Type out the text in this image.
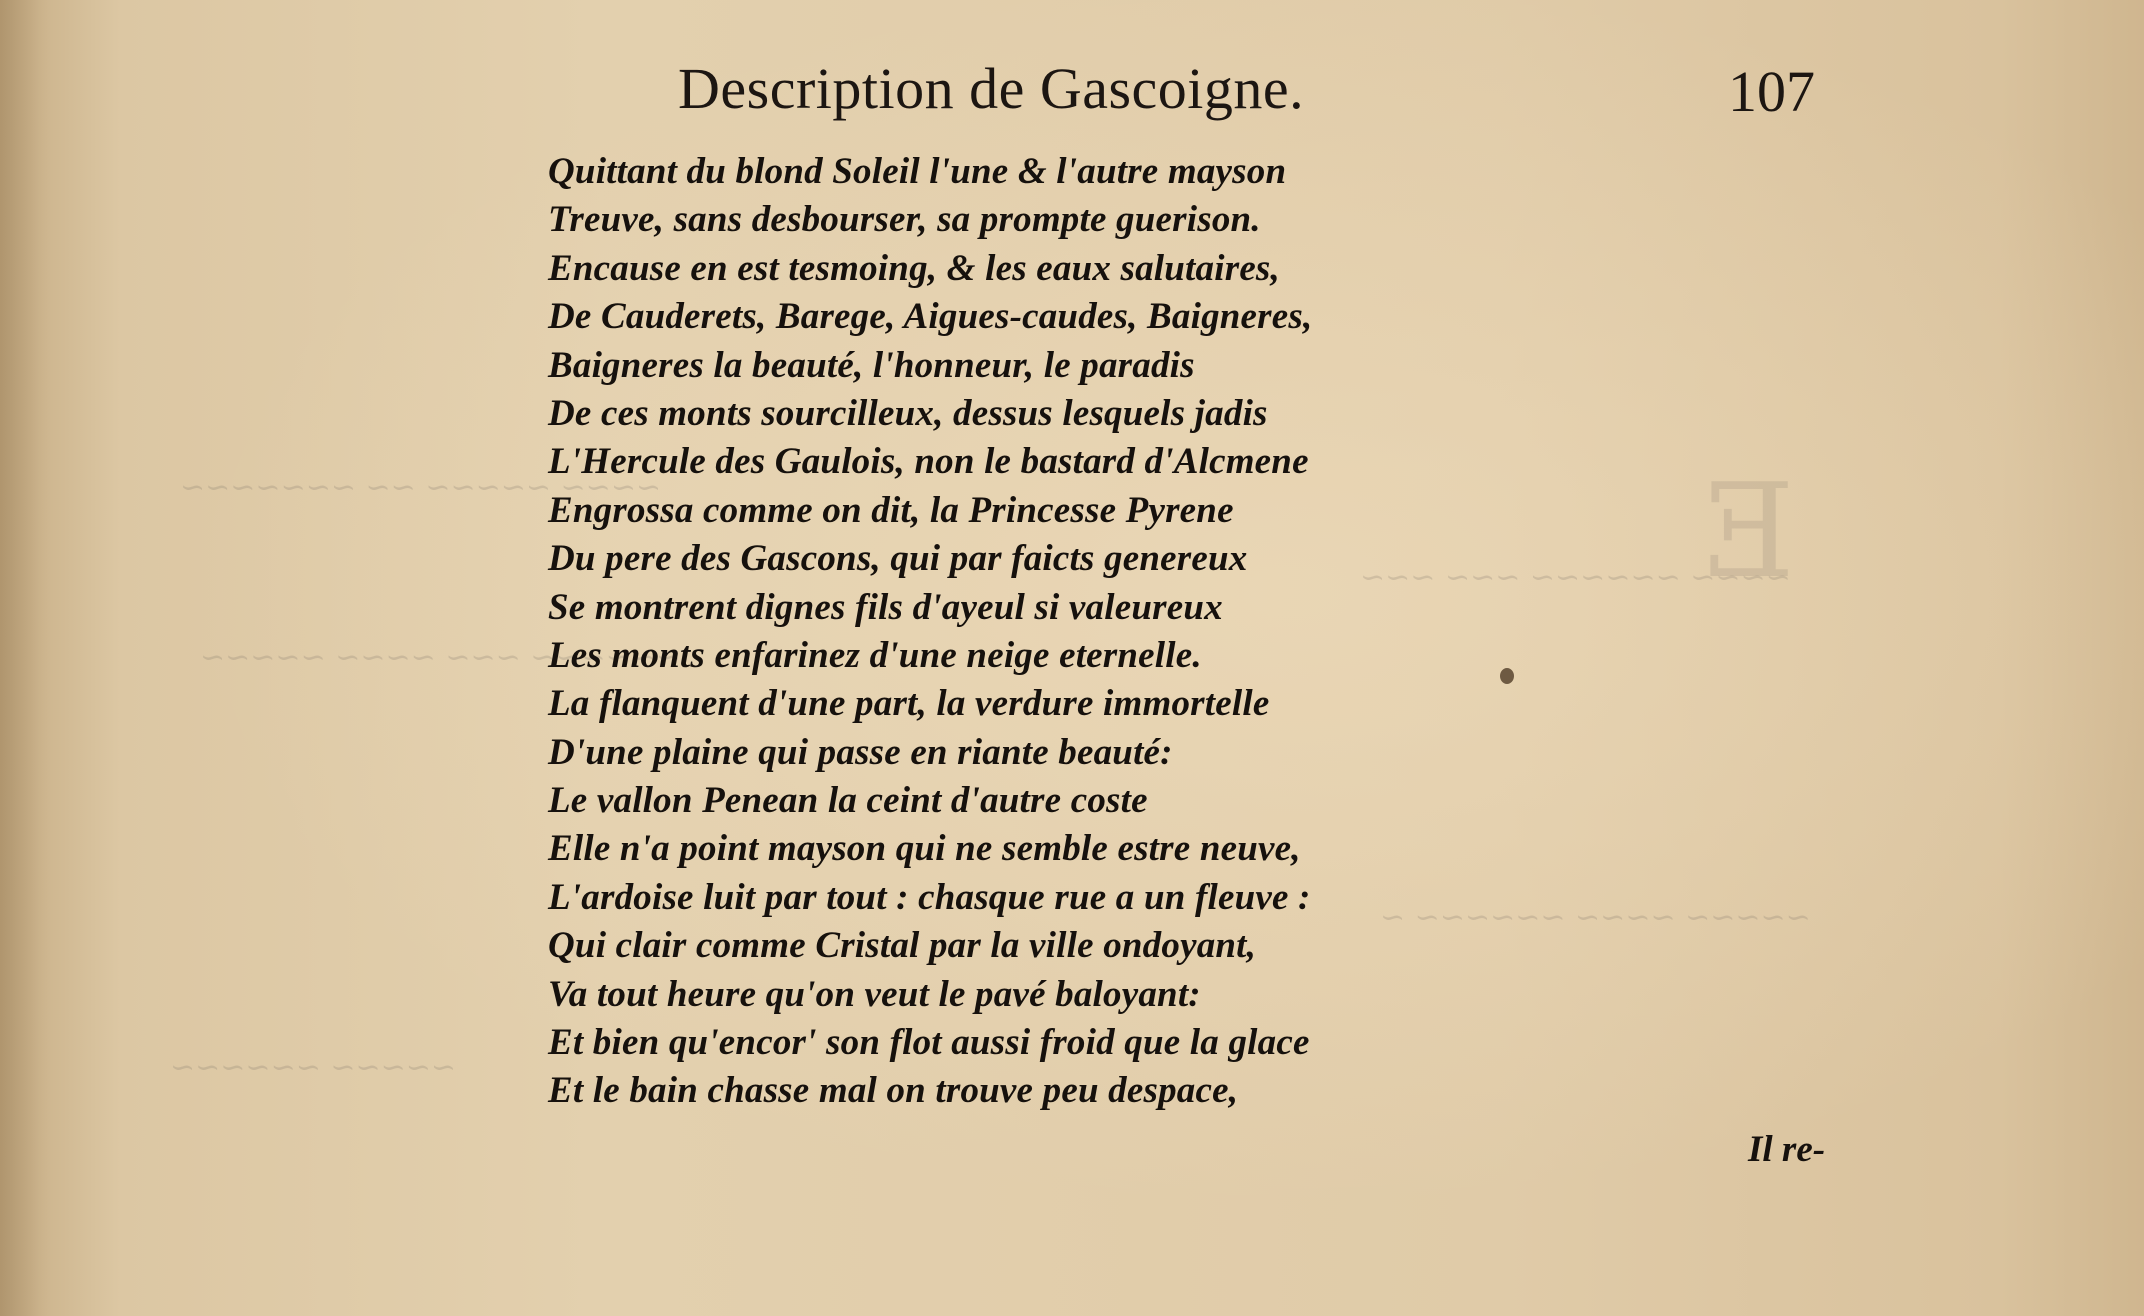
~~~~ ~~~~~ ~~ ~~~~~~~
~~~~~~ ~~~ ~~~~ ~~~~~
~~~~ ~~~~~~ ~~~ ~~~
~~~~~ ~~~~ ~~~~~~ ~
~~~~~ ~~~~~~
E
Description de Gascoigne.	107
Quittant du blond Soleil l'une & l'autre mayson
Treuve, sans desbourser, sa prompte guerison.
Encause en est tesmoing, & les eaux salutaires,
De Cauderets, Barege, Aigues-caudes, Baigneres,
Baigneres la beauté, l'honneur, le paradis
De ces monts sourcilleux, dessus lesquels jadis
L'Hercule des Gaulois, non le bastard d'Alcmene
Engrossa comme on dit, la Princesse Pyrene
Du pere des Gascons, qui par faicts genereux
Se montrent dignes fils d'ayeul si valeureux
Les monts enfarinez d'une neige eternelle.
La flanquent d'une part, la verdure immortelle
D'une plaine qui passe en riante beauté:
Le vallon Penean la ceint d'autre coste
Elle n'a point mayson qui ne semble estre neuve,
L'ardoise luit par tout : chasque rue a un fleuve :
Qui clair comme Cristal par la ville ondoyant,
Va tout heure qu'on veut le pavé baloyant:
Et bien qu'encor' son flot aussi froid que la glace
Et le bain chasse mal on trouve peu despace,
Il re-
